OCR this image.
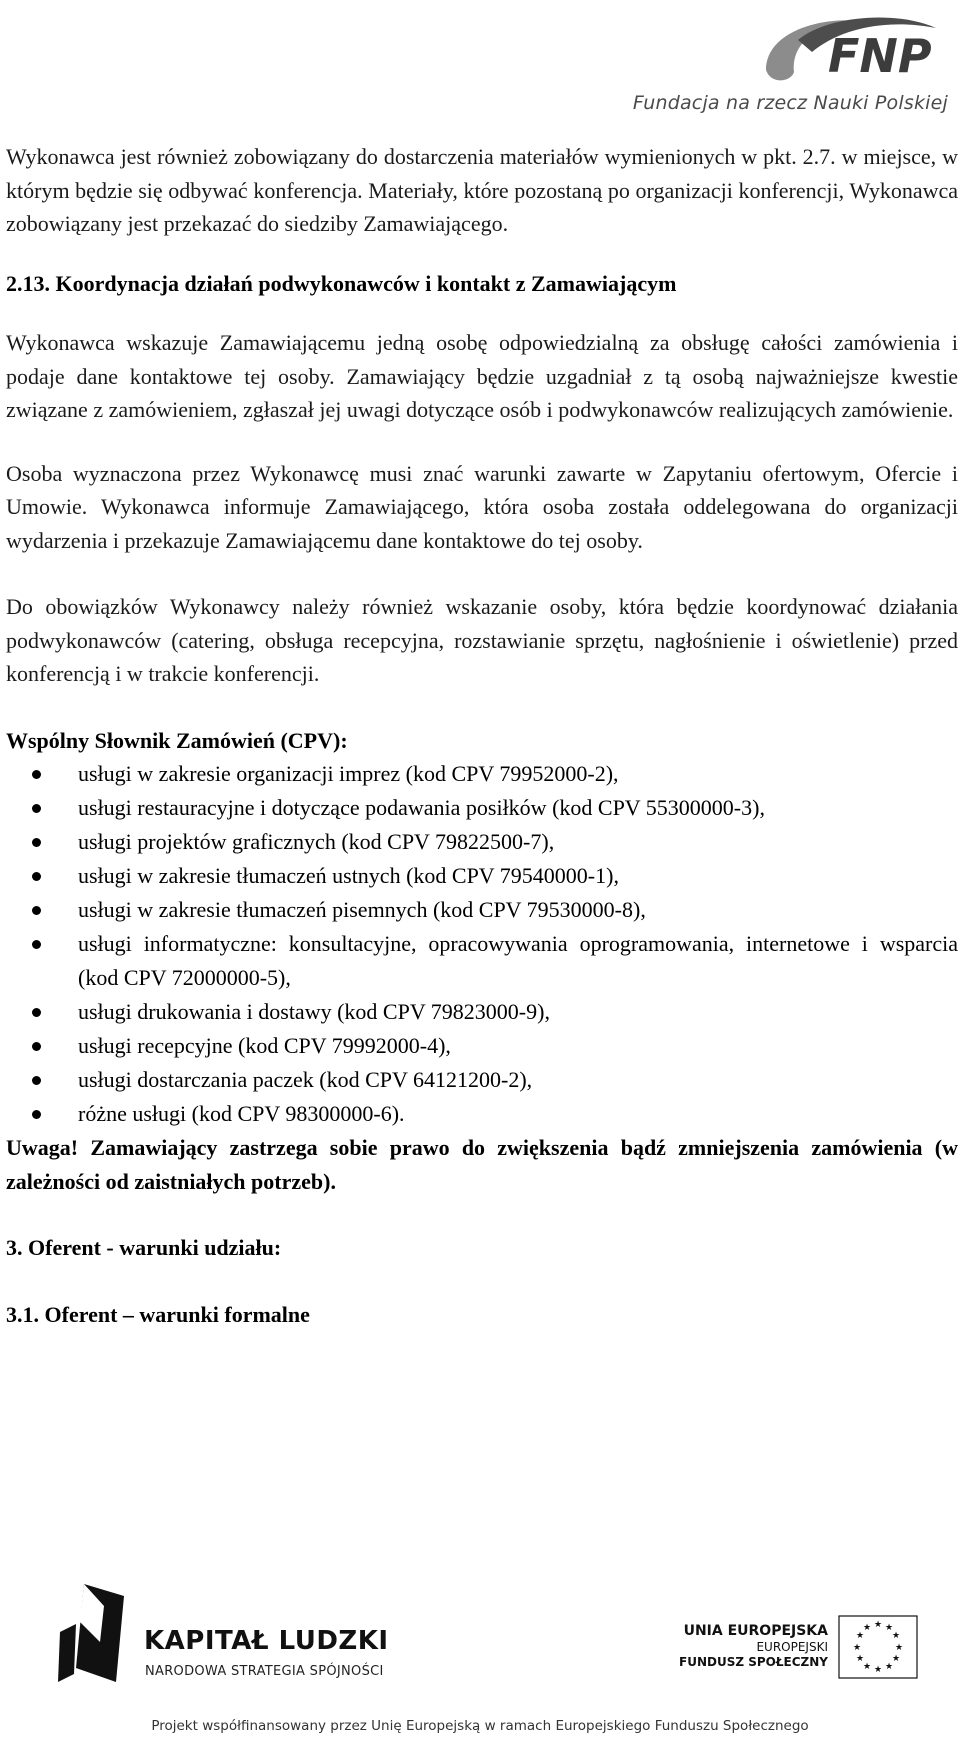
FNP
Fundacja na rzecz Nauki Polskiej

Wykonawca jest również zobowiązany do dostarczenia materiałów wymienionych w pkt. 2.7. w miejsce, w którym będzie się odbywać konferencja. Materiały, które pozostaną po organizacji konferencji, Wykonawca zobowiązany jest przekazać do siedziby Zamawiającego.

2.13. Koordynacja działań podwykonawców i kontakt z Zamawiającym

Wykonawca wskazuje Zamawiającemu jedną osobę odpowiedzialną za obsługę całości zamówienia i podaje dane kontaktowe tej osoby. Zamawiający będzie uzgadniał z tą osobą najważniejsze kwestie związane z zamówieniem, zgłaszał jej uwagi dotyczące osób i podwykonawców realizujących zamówienie.

Osoba wyznaczona przez Wykonawcę musi znać warunki zawarte w Zapytaniu ofertowym, Ofercie i Umowie. Wykonawca informuje Zamawiającego, która osoba została oddelegowana do organizacji wydarzenia i przekazuje Zamawiającemu dane kontaktowe do tej osoby.

Do obowiązków Wykonawcy należy również wskazanie osoby, która będzie koordynować działania podwykonawców (catering, obsługa recepcyjna, rozstawianie sprzętu, nagłośnienie i oświetlenie) przed konferencją i w trakcie konferencji.

Wspólny Słownik Zamówień (CPV):

usługi w zakresie organizacji imprez (kod CPV 79952000-2),
usługi restauracyjne i dotyczące podawania posiłków (kod CPV 55300000-3),
usługi projektów graficznych (kod CPV 79822500-7),
usługi w zakresie tłumaczeń ustnych (kod CPV 79540000-1),
usługi w zakresie tłumaczeń pisemnych (kod CPV 79530000-8),
usługi informatyczne: konsultacyjne, opracowywania oprogramowania, internetowe i wsparcia (kod CPV 72000000-5),
usługi drukowania i dostawy (kod CPV 79823000-9),
usługi recepcyjne (kod CPV 79992000-4),
usługi dostarczania paczek (kod CPV 64121200-2),
różne usługi (kod CPV 98300000-6).

Uwaga! Zamawiający zastrzega sobie prawo do zwiększenia bądź zmniejszenia zamówienia (w zależności od zaistniałych potrzeb).

3. Oferent - warunki udziału:

3.1. Oferent – warunki formalne

KAPITAŁ LUDZKI
NARODOWA STRATEGIA SPÓJNOŚCI
UNIA EUROPEJSKA
EUROPEJSKI
FUNDUSZ SPOŁECZNY
★ ★
★
★
★
★
★
★
★
★
★
★
Projekt współfinansowany przez Unię Europejską w ramach Europejskiego Funduszu Społecznego
